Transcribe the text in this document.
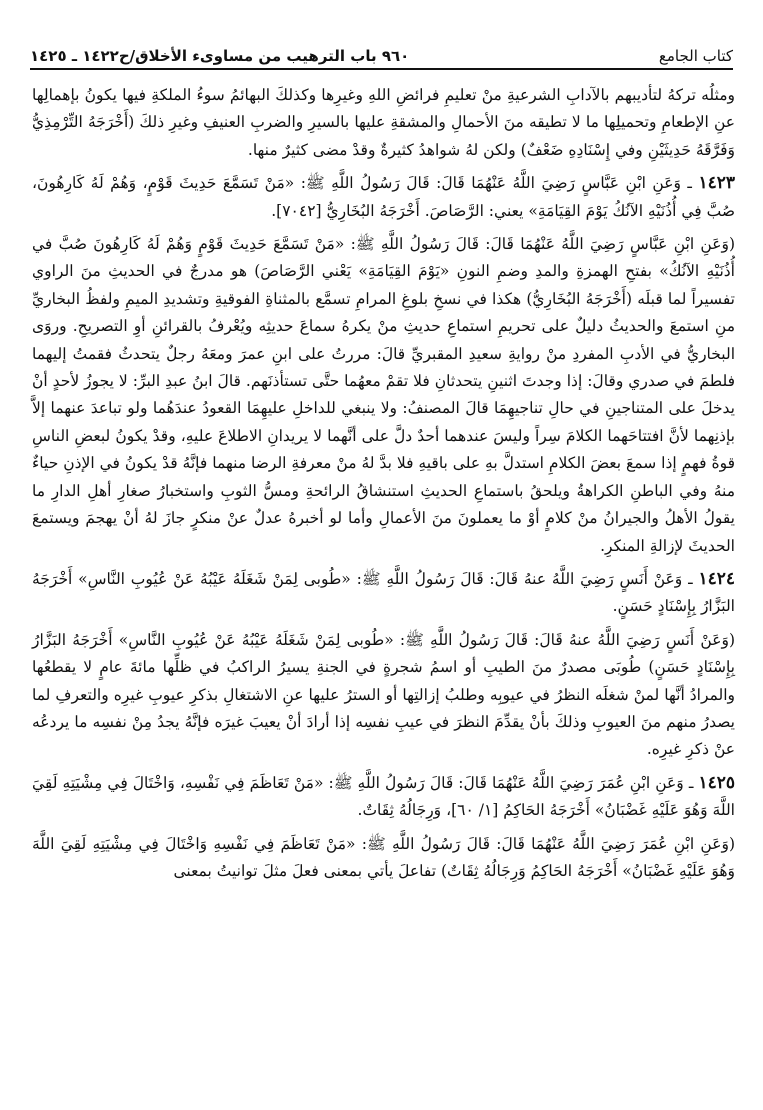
كتاب الجامع
٩٦٠ باب الترهيب من مساوىء الأخلاق/ح١٤٢٢ ـ ١٤٢٥

ومثلُه تركهُ لتأديبهم بالآدابِ الشرعيةِ منْ تعليمِ فرائضِ اللهِ وغيرِها وكذلكَ البهائمُ سوءُ الملكةِ فيها يكونُ بإهمالِها عنِ الإطعامِ وتحميلِها ما لا تطيقه منَ الأحمالِ والمشقةِ عليها بالسيرِ والضربِ العنيفِ وغيرِ ذلكَ (أَخْرَجَهُ التِّرْمِذِيُّ وَفَرَّقَهُ حَدِيثَيْنِ وفي إِسْنَادِهِ ضَعْفٌ) ولكن لهُ شواهدُ كثيرةٌ وقدْ مضى كثيرٌ منها.

١٤٢٣ ـ وَعَنِ ابْنِ عَبَّاسٍ رَضِيَ اللَّهُ عَنْهُمَا قَالَ: قَالَ رَسُولُ اللَّهِ ﷺ: «مَنْ تَسَمَّعَ حَدِيثَ قَوْمٍ، وَهُمْ لَهُ كَارِهُونَ، صُبَّ فِي أُذُنَيْهِ الآنُكُ يَوْمَ القِيَامَةِ» يعني: الرَّصَاصَ. أَخْرَجَهُ البُخَارِيُّ [٧٠٤٢].

(وَعَنِ ابْنِ عَبَّاسٍ رَضِيَ اللَّهُ عَنْهُمَا قَالَ: قَالَ رَسُولُ اللَّهِ ﷺ: «مَنْ تَسَمَّعَ حَدِيثَ قَوْمٍ وَهُمْ لَهُ كَارِهُونَ صُبَّ في أُذُنَيْهِ الآنُكُ» بفتحِ الهمزةِ والمدِ وضمِ النونِ «يَوْمَ القِيَامَةِ» يَعْني الرَّصَاصَ) هو مدرجٌ في الحديثِ منَ الراوي تفسيراً لما قبلَه (أَخْرَجَهُ البُخَارِيُّ) هكذا في نسخِ بلوغِ المرامِ تسمَّع بالمثناةِ الفوقيةِ وتشديدِ الميمِ ولفظُ البخاريِّ منِ استمعَ والحديثُ دليلٌ على تحريمِ استماعِ حديثِ منْ يكرهُ سماعَ حديثِه ويُعْرفُ بالقرائنِ أوِ التصريحِ. وروَى البخاريُّ في الأدبِ المفردِ منْ روايةِ سعيدِ المقبريِّ قالَ: مررتُ على ابنِ عمرَ ومعَهُ رجلٌ يتحدثُ فقمتُ إليهما فلطمَ في صدري وقالَ: إذا وجدتَ اثنينِ يتحدثانِ فلا تقمْ معهُما حتَّى تستأذنَهم. قالَ ابنُ عبدِ البرِّ: لا يجوزُ لأحدٍ أنْ يدخلَ على المتناجينِ في حالِ تناجيهِمَا قالَ المصنفُ: ولا ينبغي للداخلِ عليهِمَا القعودُ عندَهُما ولو تباعدَ عنهما إلاَّ بإذنِهما لأنَّ افتتاحَهما الكلامَ سِراً وليسَ عندهما أحدٌ دلَّ على أنَّهما لا يريدانِ الاطلاعَ عليهِ، وقدْ يكونُ لبعضِ الناسِ قوةُ فهمٍ إذا سمعَ بعضَ الكلامِ استدلَّ بهِ على باقيهِ فلا بدَّ لهُ منْ معرفةِ الرضا منهما فإنَّهُ قدْ يكونُ في الإذنِ حياءٌ منهُ وفي الباطنِ الكراهةُ ويلحقُ باستماعِ الحديثِ استنشاقُ الرائحةِ ومسُّ الثوبِ واستخبارُ صغارِ أهلِ الدارِ ما يقولُ الأهلُ والجيرانُ منْ كلامٍ أوْ ما يعملونَ منَ الأعمالِ وأما لو أخبرهُ عدلٌ عنْ منكرٍ جازَ لهُ أنْ يهجمَ ويستمعَ الحديثَ لإزالةِ المنكرِ.

١٤٢٤ ـ وَعَنْ أَنَسٍ رَضِيَ اللَّهُ عنهُ قَالَ: قَالَ رَسُولُ اللَّهِ ﷺ: «طُوبى لِمَنْ شَغَلَهُ عَيْبُهُ عَنْ عُيُوبِ النَّاسِ» أَخْرَجَهُ البَزَّارُ بِإِسْنَادٍ حَسَنٍ.

(وَعَنْ أَنَسٍ رَضِيَ اللَّهُ عنهُ قَالَ: قَالَ رَسُولُ اللَّهِ ﷺ: «طُوبى لِمَنْ شَغَلَهُ عَيْبُهُ عَنْ عُيُوبِ النَّاسِ» أَخْرَجَهُ البَزَّارُ بِإِسْنَادٍ حَسَنٍ) طُوبَى مصدرٌ منَ الطيبِ أو اسمُ شجرةٍ في الجنةِ يسيرُ الراكبُ في ظلِّها مائةَ عامٍ لا يقطعُها والمرادُ أنَّها لمنْ شغلَه النظرُ في عيوبِه وطلبُ إزالتِها أو السترُ عليها عنِ الاشتغالِ بذكرِ عيوبِ غيرِه والتعرفِ لما يصدرُ منهم منَ العيوبِ وذلكَ بأنْ يقدِّمَ النظرَ في عيبِ نفسِه إذا أرادَ أنْ يعيبَ غيرَه فإنَّهُ يجدُ مِنْ نفسِه ما يردعُه عنْ ذكرِ غيرِه.

١٤٢٥ ـ وَعَنِ ابْنِ عُمَرَ رَضِيَ اللَّهُ عَنْهُمَا قَالَ: قَالَ رَسُولُ اللَّهِ ﷺ: «مَنْ تَعَاظَمَ فِي نَفْسِهِ، وَاخْتَالَ فِي مِشْيَتِهِ لَقِيَ اللَّهَ وَهُوَ عَلَيْهِ غَضْبَانُ» أَخْرَجَهُ الحَاكِمُ [١/ ٦٠]، وَرِجَالُهُ ثِقَاتٌ.

(وَعَنِ ابْنِ عُمَرَ رَضِيَ اللَّهُ عَنْهُمَا قَالَ: قَالَ رَسُولُ اللَّهِ ﷺ: «مَنْ تَعَاظَمَ فِي نَفْسِهِ وَاخْتَالَ فِي مِشْيَتِهِ لَقِيَ اللَّهَ وَهُوَ عَلَيْهِ غَضْبَانُ» أَخْرَجَهُ الحَاكِمُ وَرِجَالُهُ ثِقَاتٌ) تفاعلَ يأتي بمعنى فعلَ مثلَ توانيتُ بمعنى
